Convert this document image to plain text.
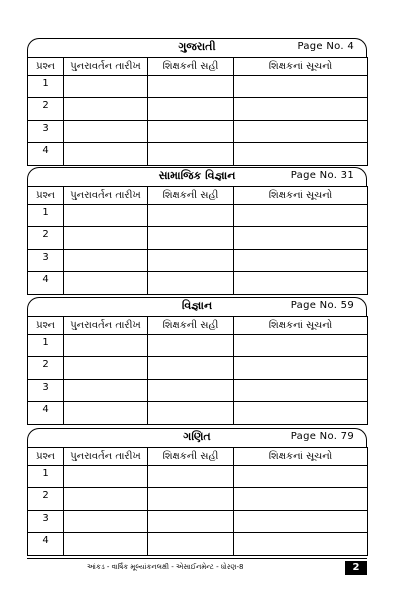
ગુજરાતી	Page No. 4
પ્રશ્ન	પુનરાવર્તન તારીખ	શિક્ષકની સહી	શિક્ષકનાં સૂચનો
1			
2			
3			
4			
સામાજિક વિજ્ઞાન	Page No. 31
પ્રશ્ન	પુનરાવર્તન તારીખ	શિક્ષકની સહી	શિક્ષકનાં સૂચનો
1			
2			
3			
4			
વિજ્ઞાન	Page No. 59
પ્રશ્ન	પુનરાવર્તન તારીખ	શિક્ષકની સહી	શિક્ષકનાં સૂચનો
1			
2			
3			
4			
ગણિત	Page No. 79
પ્રશ્ન	પુનરાવર્તન તારીખ	શિક્ષકની સહી	શિક્ષકનાં સૂચનો
1			
2			
3			
4			
આંકડ - વાર્ષિક મૂલ્યાંકનલક્ષી - એસાઈનમેન્ટ - ધોરણ-8	2
